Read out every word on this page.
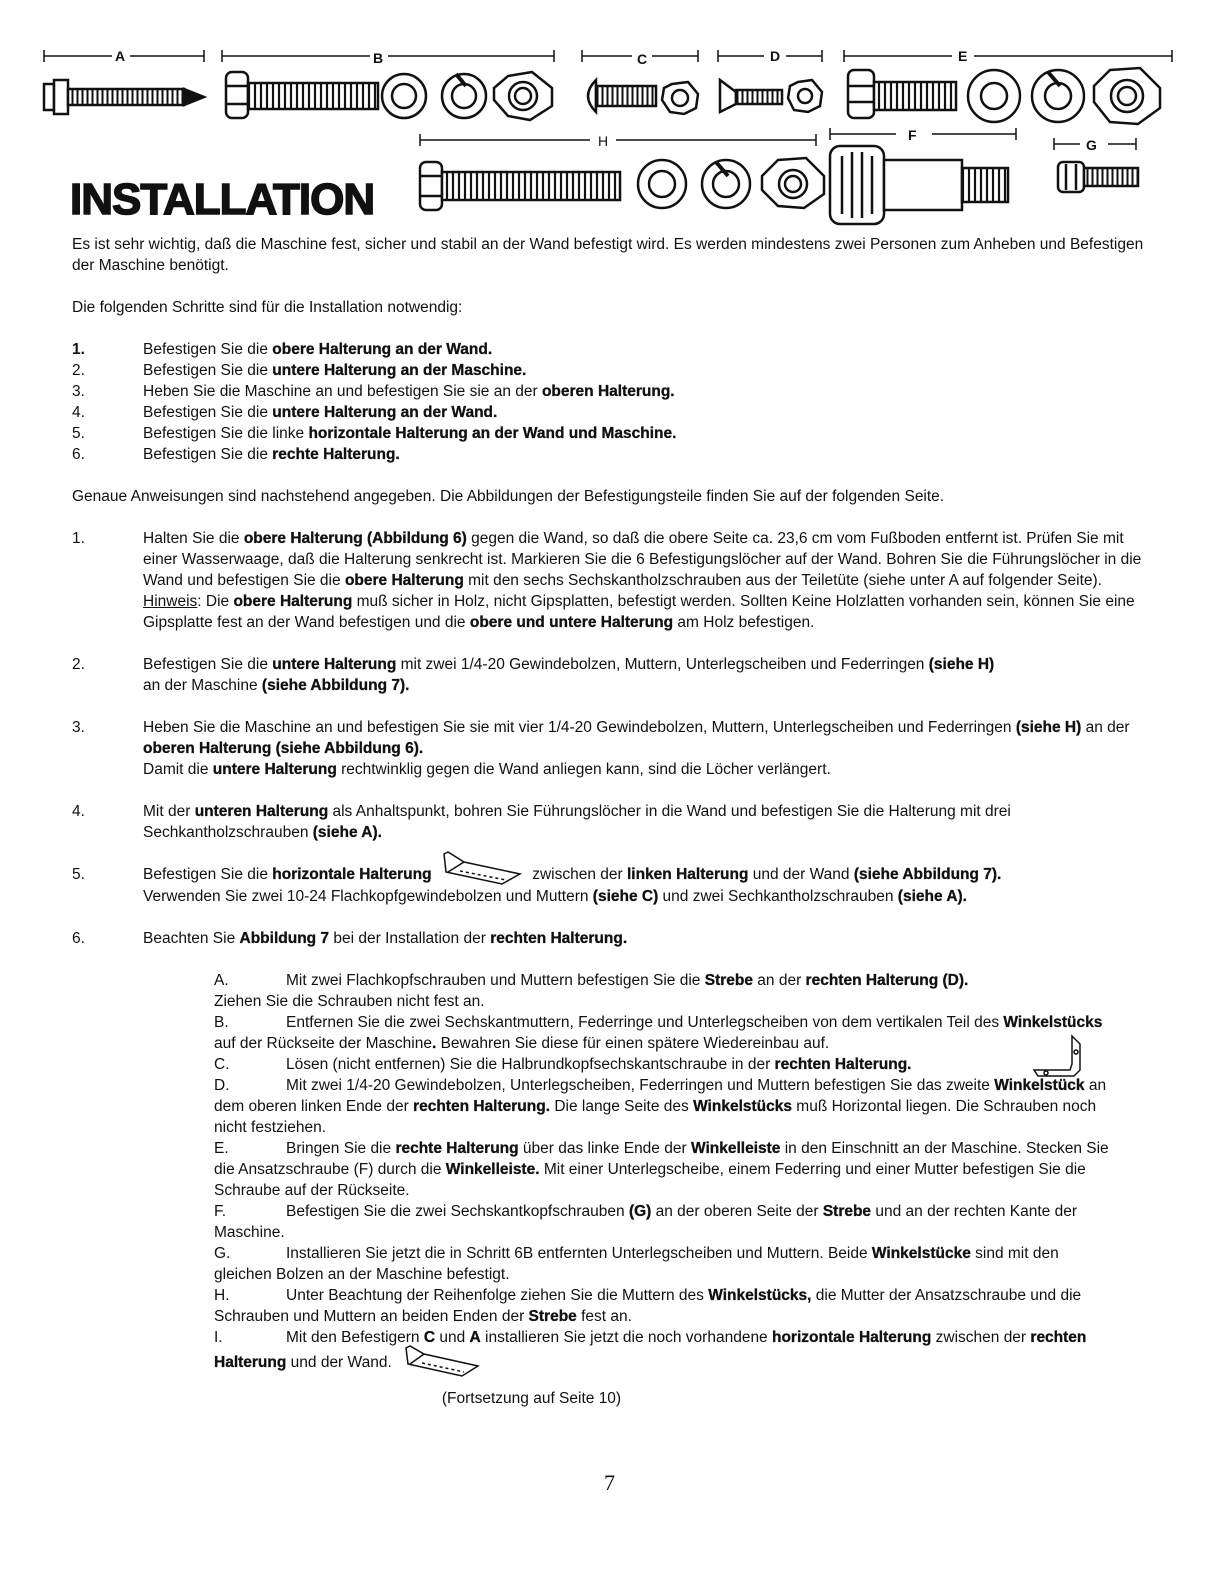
A	B	C	D	E
H	F
G
INSTALLATION

Es ist sehr wichtig, daß die Maschine fest, sicher und stabil an der Wand befestigt wird. Es werden mindestens zwei Personen zum Anheben und Befestigen der Maschine benötigt.

Die folgenden Schritte sind für die Installation notwendig:

1.	Befestigen Sie die obere Halterung an der Wand.
2.	Befestigen Sie die untere Halterung an der Maschine.
3.	Heben Sie die Maschine an und befestigen Sie sie an der oberen Halterung.
4.	Befestigen Sie die untere Halterung an der Wand.
5.	Befestigen Sie die linke horizontale Halterung an der Wand und Maschine.
6.	Befestigen Sie die rechte Halterung.

Genaue Anweisungen sind nachstehend angegeben. Die Abbildungen der Befestigungsteile finden Sie auf der folgenden Seite.

1.	Halten Sie die obere Halterung (Abbildung 6) gegen die Wand, so daß die obere Seite ca. 23,6 cm vom Fußboden entfernt ist. Prüfen Sie mit einer Wasserwaage, daß die Halterung senkrecht ist. Markieren Sie die 6 Befestigungslöcher auf der Wand. Bohren Sie die Führungslöcher in die Wand und befestigen Sie die obere Halterung mit den sechs Sechskantholzschrauben aus der Teiletüte (siehe unter A auf folgender Seite).
Hinweis: Die obere Halterung muß sicher in Holz, nicht Gipsplatten, befestigt werden. Sollten Keine Holzlatten vorhanden sein, können Sie eine Gipsplatte fest an der Wand befestigen und die obere und untere Halterung am Holz befestigen.
2.	Befestigen Sie die untere Halterung mit zwei 1/4-20 Gewindebolzen, Muttern, Unterlegscheiben und Federringen (siehe H)
an der Maschine (siehe Abbildung 7).
3.	Heben Sie die Maschine an und befestigen Sie sie mit vier 1/4-20 Gewindebolzen, Muttern, Unterlegscheiben und Federringen (siehe H) an der oberen Halterung (siehe Abbildung 6).
Damit die untere Halterung rechtwinklig gegen die Wand anliegen kann, sind die Löcher verlängert.
4.	Mit der unteren Halterung als Anhaltspunkt, bohren Sie Führungslöcher in die Wand und befestigen Sie die Halterung mit drei Sechkantholzschrauben (siehe A).
5.	Befestigen Sie die horizontale Halterung	zwischen der linken Halterung und der Wand (siehe Abbildung 7).
Verwenden Sie zwei 10-24 Flachkopfgewindebolzen und Muttern (siehe C) und zwei Sechkantholzschrauben (siehe A).
6.	Beachten Sie Abbildung 7 bei der Installation der rechten Halterung.

A.	Mit zwei Flachkopfschrauben und Muttern befestigen Sie die Strebe an der rechten Halterung (D).
Ziehen Sie die Schrauben nicht fest an.

B.	Entfernen Sie die zwei Sechskantmuttern, Federringe und Unterlegscheiben von dem vertikalen Teil des Winkelstücks auf der Rückseite der Maschine. Bewahren Sie diese für einen spätere Wiedereinbau auf.

C.	Lösen (nicht entfernen) Sie die Halbrundkopfsechskantschraube in der rechten Halterung.

D.	Mit zwei 1/4-20 Gewindebolzen, Unterlegscheiben, Federringen und Muttern befestigen Sie das zweite Winkelstück an dem oberen linken Ende der rechten Halterung. Die lange Seite des Winkelstücks muß Horizontal liegen. Die Schrauben noch nicht festziehen.

E.	Bringen Sie die rechte Halterung über das linke Ende der Winkelleiste in den Einschnitt an der Maschine. Stecken Sie die Ansatzschraube (F) durch die Winkelleiste. Mit einer Unterlegscheibe, einem Federring und einer Mutter befestigen Sie die Schraube auf der Rückseite.

F.	Befestigen Sie die zwei Sechskantkopfschrauben (G) an der oberen Seite der Strebe und an der rechten Kante der Maschine.

G.	Installieren Sie jetzt die in Schritt 6B entfernten Unterlegscheiben und Muttern. Beide Winkelstücke sind mit den gleichen Bolzen an der Maschine befestigt.

H.	Unter Beachtung der Reihenfolge ziehen Sie die Muttern des Winkelstücks, die Mutter der Ansatzschraube und die Schrauben und Muttern an beiden Enden der Strebe fest an.

I.	Mit den Befestigern C und A installieren Sie jetzt die noch vorhandene horizontale Halterung zwischen der rechten Halterung und der Wand.

(Fortsetzung auf Seite 10)
7
